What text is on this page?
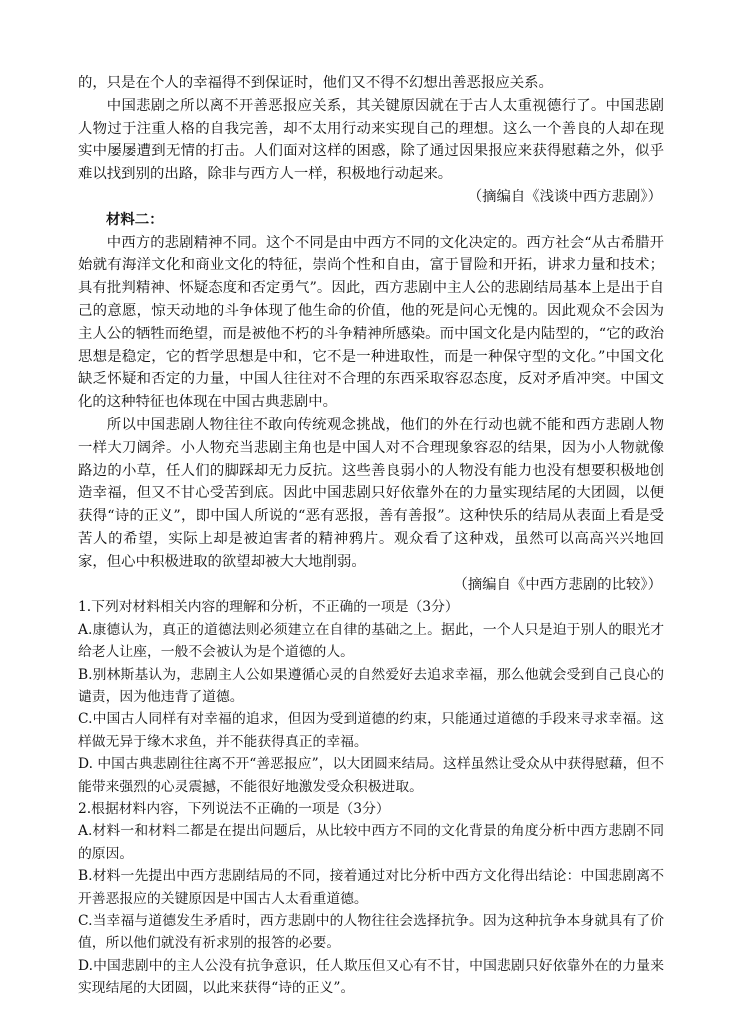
的，只是在个人的幸福得不到保证时，他们又不得不幻想出善恶报应关系。

中国悲剧之所以离不开善恶报应关系，其关键原因就在于古人太重视德行了。中国悲剧人物过于注重人格的自我完善，却不太用行动来实现自己的理想。这么一个善良的人却在现实中屡屡遭到无情的打击。人们面对这样的困惑，除了通过因果报应来获得慰藉之外，似乎难以找到别的出路，除非与西方人一样，积极地行动起来。

（摘编自《浅谈中西方悲剧》）

材料二：

中西方的悲剧精神不同。这个不同是由中西方不同的文化决定的。西方社会“从古希腊开始就有海洋文化和商业文化的特征，崇尚个性和自由，富于冒险和开拓，讲求力量和技术；具有批判精神、怀疑态度和否定勇气”。因此，西方悲剧中主人公的悲剧结局基本上是出于自己的意愿，惊天动地的斗争体现了他生命的价值，他的死是问心无愧的。因此观众不会因为主人公的牺牲而绝望，而是被他不朽的斗争精神所感染。而中国文化是内陆型的，“它的政治思想是稳定，它的哲学思想是中和，它不是一种进取性，而是一种保守型的文化。”中国文化缺乏怀疑和否定的力量，中国人往往对不合理的东西采取容忍态度，反对矛盾冲突。中国文化的这种特征也体现在中国古典悲剧中。

所以中国悲剧人物往往不敢向传统观念挑战，他们的外在行动也就不能和西方悲剧人物一样大刀阔斧。小人物充当悲剧主角也是中国人对不合理现象容忍的结果，因为小人物就像路边的小草，任人们的脚踩却无力反抗。这些善良弱小的人物没有能力也没有想要积极地创造幸福，但又不甘心受苦到底。因此中国悲剧只好依靠外在的力量实现结尾的大团圆，以便获得“诗的正义”，即中国人所说的“恶有恶报，善有善报”。这种快乐的结局从表面上看是受苦人的希望，实际上却是被迫害者的精神鸦片。观众看了这种戏，虽然可以高高兴兴地回家，但心中积极进取的欲望却被大大地削弱。

（摘编自《中西方悲剧的比较》）

1.下列对材料相关内容的理解和分析，不正确的一项是（3分）

A.康德认为，真正的道德法则必须建立在自律的基础之上。据此，一个人只是迫于别人的眼光才给老人让座，一般不会被认为是个道德的人。

B.别林斯基认为，悲剧主人公如果遵循心灵的自然爱好去追求幸福，那么他就会受到自己良心的谴责，因为他违背了道德。

C.中国古人同样有对幸福的追求，但因为受到道德的约束，只能通过道德的手段来寻求幸福。这样做无异于缘木求鱼，并不能获得真正的幸福。

D. 中国古典悲剧往往离不开“善恶报应”，以大团圆来结局。这样虽然让受众从中获得慰藉，但不能带来强烈的心灵震撼，不能很好地激发受众积极进取。

2.根据材料内容，下列说法不正确的一项是（3分）

A.材料一和材料二都是在提出问题后，从比较中西方不同的文化背景的角度分析中西方悲剧不同的原因。

B.材料一先提出中西方悲剧结局的不同，接着通过对比分析中西方文化得出结论：中国悲剧离不开善恶报应的关键原因是中国古人太看重道德。

C.当幸福与道德发生矛盾时，西方悲剧中的人物往往会选择抗争。因为这种抗争本身就具有了价值，所以他们就没有祈求别的报答的必要。

D.中国悲剧中的主人公没有抗争意识，任人欺压但又心有不甘，中国悲剧只好依靠外在的力量来实现结尾的大团圆，以此来获得“诗的正义”。
